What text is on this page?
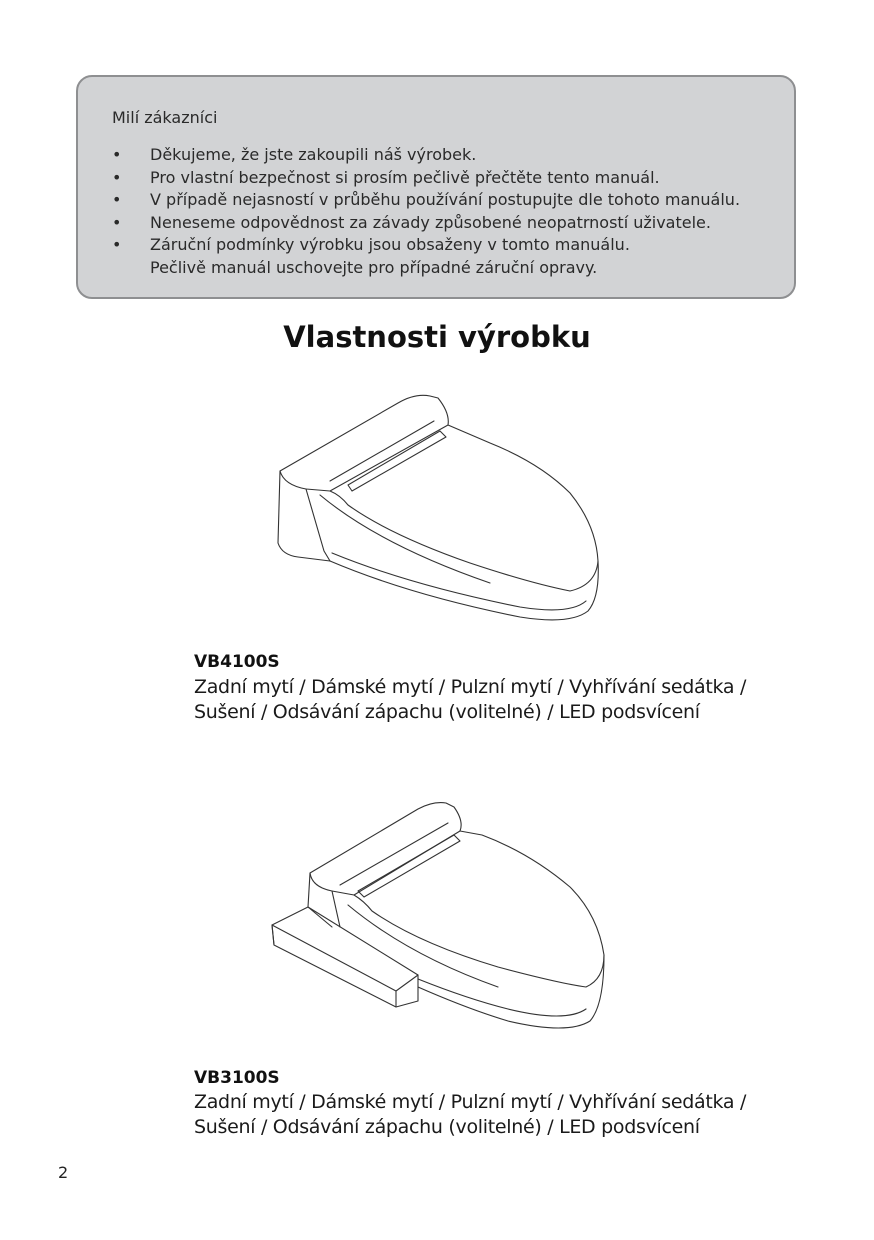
Milí zákazníci
• Děkujeme, že jste zakoupili náš výrobek.
• Pro vlastní bezpečnost si prosím pečlivě přečtěte tento manuál.
• V případě nejasností v průběhu používání postupujte dle tohoto manuálu.
• Neneseme odpovědnost za závady způsobené neopatrností uživatele.
• Záruční podmínky výrobku jsou obsaženy v tomto manuálu.
Pečlivě manuál uschovejte pro případné záruční opravy.
Vlastnosti výrobku
VB4100S
Zadní mytí / Dámské mytí / Pulzní mytí / Vyhřívání sedátka /
Sušení / Odsávání zápachu (volitelné) / LED podsvícení
VB3100S
Zadní mytí / Dámské mytí / Pulzní mytí / Vyhřívání sedátka /
Sušení / Odsávání zápachu (volitelné) / LED podsvícení
2
